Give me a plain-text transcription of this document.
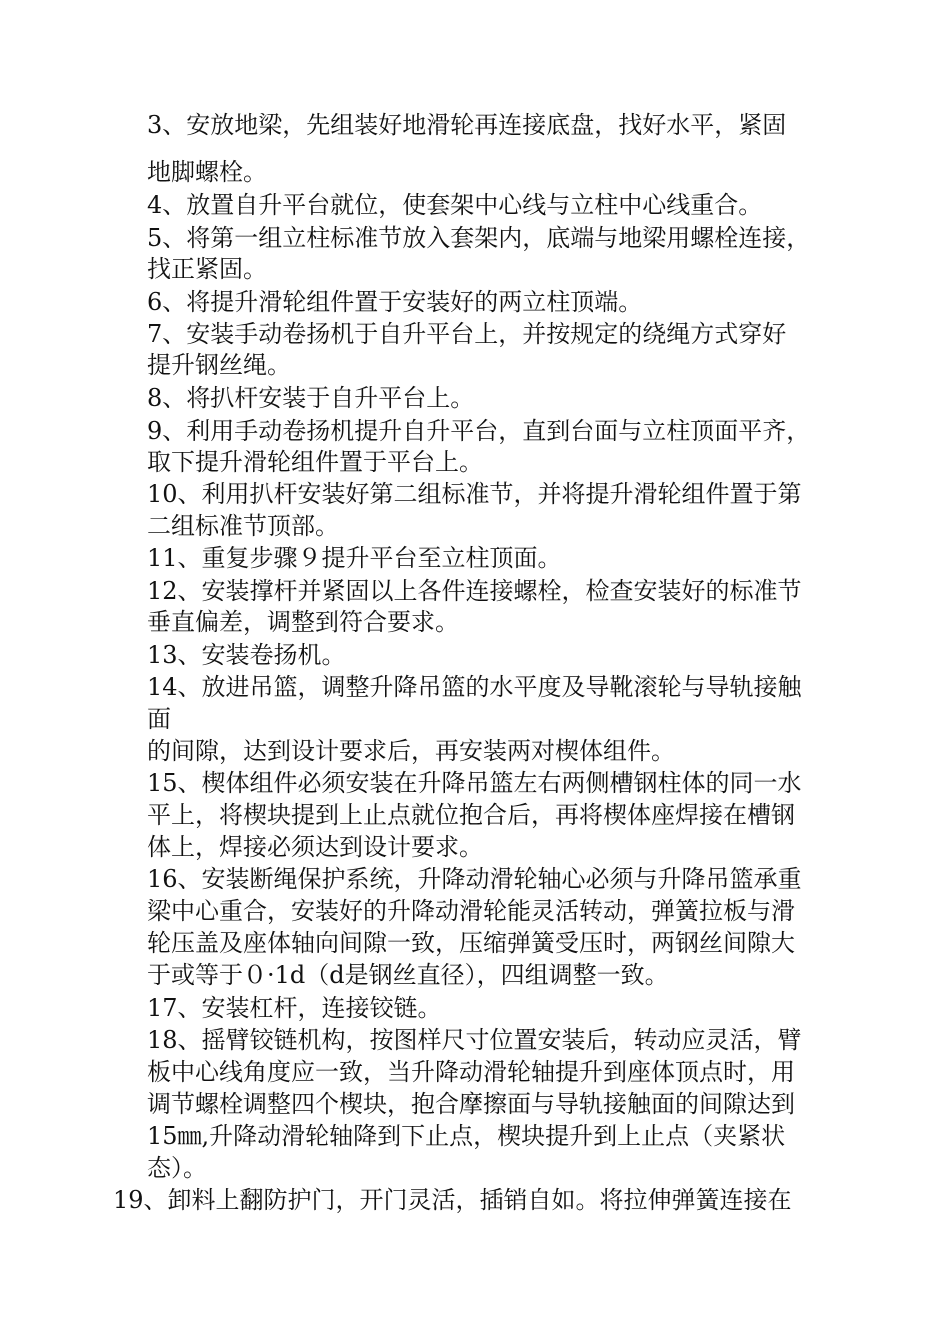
3、安放地梁，先组装好地滑轮再连接底盘，找好水平，紧固
地脚螺栓。
4、放置自升平台就位，使套架中心线与立柱中心线重合。
5、将第一组立柱标准节放入套架内，底端与地梁用螺栓连接，
找正紧固。
6、将提升滑轮组件置于安装好的两立柱顶端。
7、安装手动卷扬机于自升平台上，并按规定的绕绳方式穿好
提升钢丝绳。
8、将扒杆安装于自升平台上。
9、利用手动卷扬机提升自升平台，直到台面与立柱顶面平齐，
取下提升滑轮组件置于平台上。
10、利用扒杆安装好第二组标准节，并将提升滑轮组件置于第
二组标准节顶部。
11、重复步骤９提升平台至立柱顶面。
12、安装撑杆并紧固以上各件连接螺栓，检查安装好的标准节
垂直偏差，调整到符合要求。
13、安装卷扬机。
14、放进吊篮，调整升降吊篮的水平度及导靴滚轮与导轨接触
面
的间隙，达到设计要求后，再安装两对楔体组件。
15、楔体组件必须安装在升降吊篮左右两侧槽钢柱体的同一水
平上，将楔块提到上止点就位抱合后，再将楔体座焊接在槽钢
体上，焊接必须达到设计要求。
16、安装断绳保护系统，升降动滑轮轴心必须与升降吊篮承重
梁中心重合，安装好的升降动滑轮能灵活转动，弹簧拉板与滑
轮压盖及座体轴向间隙一致，压缩弹簧受压时，两钢丝间隙大
于或等于０·1d（d是钢丝直径），四组调整一致。
17、安装杠杆，连接铰链。
18、摇臂铰链机构，按图样尺寸位置安装后，转动应灵活，臂
板中心线角度应一致，当升降动滑轮轴提升到座体顶点时，用
调节螺栓调整四个楔块，抱合摩擦面与导轨接触面的间隙达到
15㎜,升降动滑轮轴降到下止点，楔块提升到上止点（夹紧状
态）。
19、卸料上翻防护门，开门灵活，插销自如。将拉伸弹簧连接在
